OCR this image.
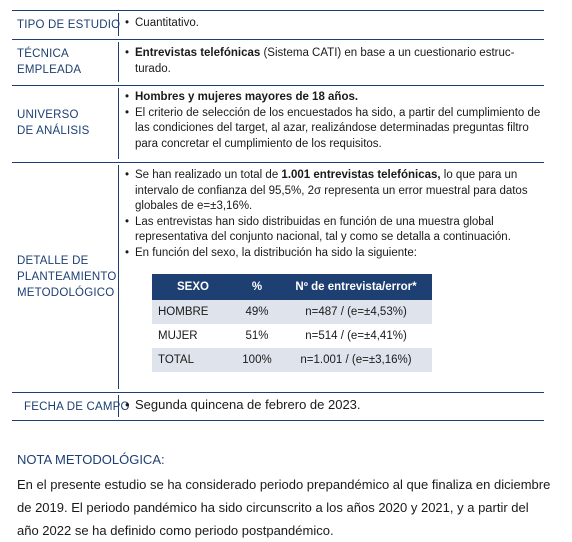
TIPO DE ESTUDIO	• Cuantitativo.
TÉCNICA
EMPLEADA
• Entrevistas telefónicas (Sistema CATI) en base a un cuestionario estruc-
turado.
UNIVERSO
DE ANÁLISIS
• Hombres y mujeres mayores de 18 años.
• El criterio de selección de los encuestados ha sido, a partir del cumplimiento de las condiciones del target, al azar, realizándose determinadas preguntas filtro para concretar el cumplimiento de los requisitos.
DETALLE DE
PLANTEAMIENTO
METODOLÓGICO
• Se han realizado un total de 1.001 entrevistas telefónicas, lo que para un intervalo de confianza del 95,5%, 2σ representa un error muestral para datos globales de e=±3,16%.
• Las entrevistas han sido distribuidas en función de una muestra global representativa del conjunto nacional, tal y como se detalla a continuación.
• En función del sexo, la distribución ha sido la siguiente:
SEXO	%	Nº de entrevista/error*
HOMBRE	49%	n=487 / (e=±4,53%)
MUJER	51%	n=514 / (e=±4,41%)
TOTAL	100%	n=1.001 / (e=±3,16%)
FECHA DE CAMPO • Segunda quincena de febrero de 2023.
NOTA METODOLÓGICA:
En el presente estudio se ha considerado periodo prepandémico al que finaliza en diciembre de 2019. El periodo pandémico ha sido circunscrito a los años 2020 y 2021, y a partir del año 2022 se ha definido como periodo postpandémico.
